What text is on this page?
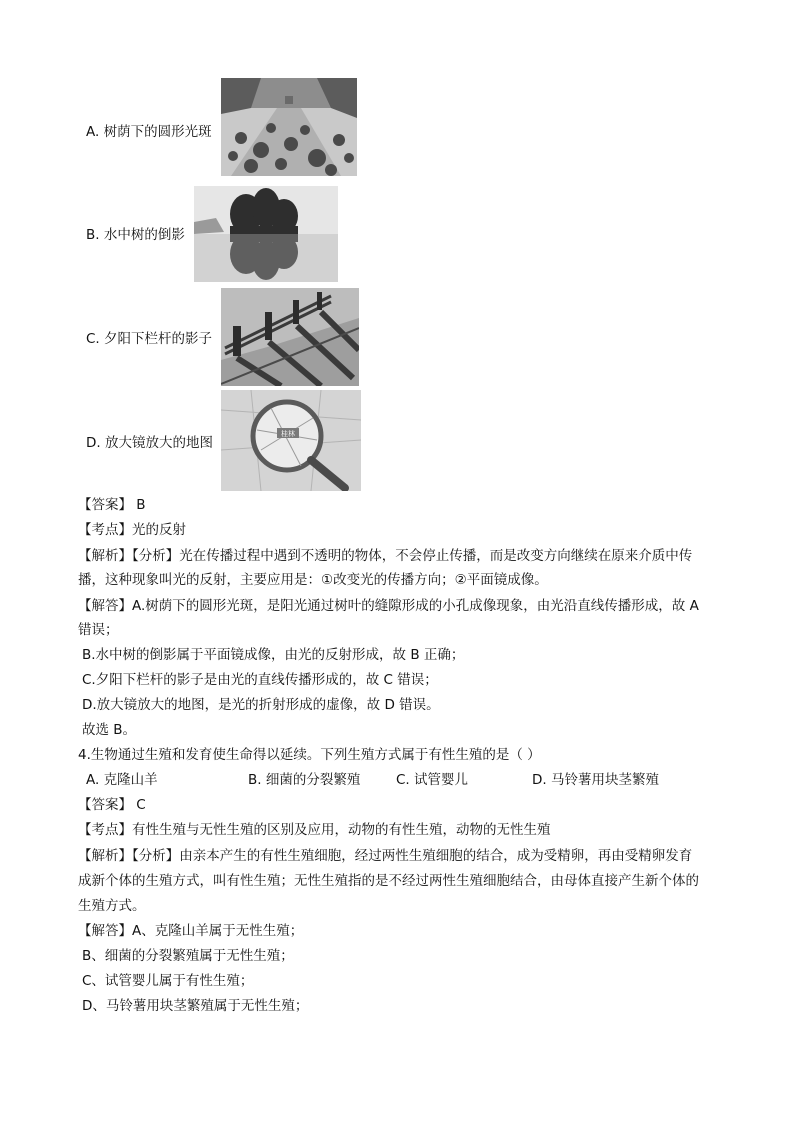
A. 树荫下的圆形光斑
B. 水中树的倒影
C. 夕阳下栏杆的影子
D. 放大镜放大的地图
桂林
【答案】 B
【考点】光的反射
【解析】【分析】光在传播过程中遇到不透明的物体，不会停止传播，而是改变方向继续在原来介质中传
播，这种现象叫光的反射，主要应用是：①改变光的传播方向；②平面镜成像。
【解答】A.树荫下的圆形光斑，是阳光通过树叶的缝隙形成的小孔成像现象，由光沿直线传播形成，故 A
错误；
B.水中树的倒影属于平面镜成像，由光的反射形成，故 B 正确；
C.夕阳下栏杆的影子是由光的直线传播形成的，故 C 错误；
D.放大镜放大的地图，是光的折射形成的虚像，故 D 错误。
故选 B。
4.生物通过生殖和发育使生命得以延续。下列生殖方式属于有性生殖的是（ ）
A. 克隆山羊	B. 细菌的分裂繁殖	C. 试管婴儿	D. 马铃薯用块茎繁殖
【答案】 C
【考点】有性生殖与无性生殖的区别及应用，动物的有性生殖，动物的无性生殖
【解析】【分析】由亲本产生的有性生殖细胞，经过两性生殖细胞的结合，成为受精卵，再由受精卵发育
成新个体的生殖方式，叫有性生殖；无性生殖指的是不经过两性生殖细胞结合，由母体直接产生新个体的
生殖方式。
【解答】A、克隆山羊属于无性生殖；
B、细菌的分裂繁殖属于无性生殖；
C、试管婴儿属于有性生殖；
D、马铃薯用块茎繁殖属于无性生殖；
